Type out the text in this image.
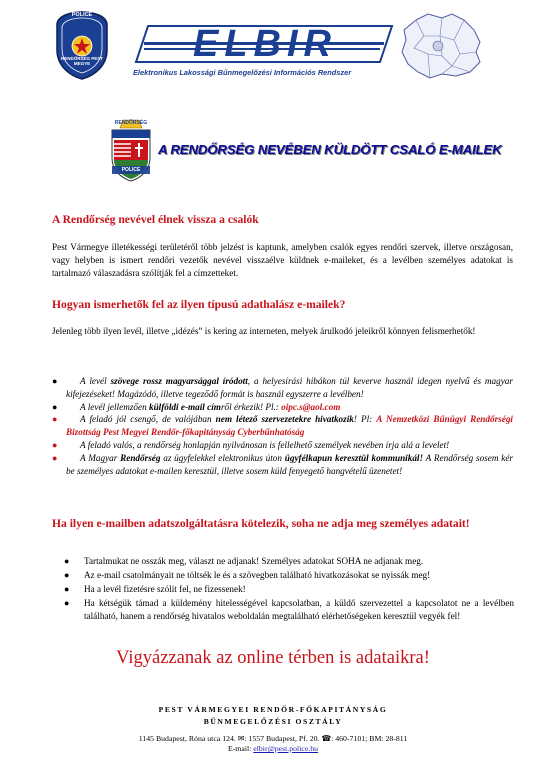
POLICE
RENDŐRSÉG PEST MEGYE	ELBIR
Elektronikus Lakossági Bűnmegelőzési Információs Rendszer
RENDŐRSÉG
POLICE
A RENDŐRSÉG NEVÉBEN KÜLDÖTT CSALÓ E-MAILEK
A Rendőrség nevével élnek vissza a csalók
Pest Vármegye illetékességi területéről több jelzést is kaptunk, amelyben csalók egyes rendőri szervek, illetve országosan, vagy helyben is ismert rendőri vezetők nevével visszaélve küldnek e-maileket, és a levélben személyes adatokat is tartalmazó válaszadásra szólítják fel a címzetteket.
Hogyan ismerhetők fel az ilyen típusú adathalász e-mailek?
Jelenleg több ilyen levél, illetve „idézés” is kering az interneten, melyek árulkodó jeleikről könnyen felismerhetők!
● A levél szövege rossz magyarsággal íródott, a helyesírási hibákon túl keverve használ idegen nyelvű és magyar kifejezéseket! Magázódó, illetve tegeződő formát is használ egyszerre a levélben!
● A levél jellemzően külföldi e-mail címről érkezik! Pl.: oipc.s@aol.com
● A feladó jól csengő, de valójában nem létező szervezetekre hivatkozik! Pl: A Nemzetközi Bűnügyi Rendőrségi Bizottság Pest Megyei Rendőr-főkapitányság Cyberbűnhatóság
● A feladó valós, a rendőrség honlapján nyilvánosan is fellelhető személyek nevében írja alá a levelet!
● A Magyar Rendőrség az ügyfelekkel elektronikus úton ügyfélkapun keresztül kommunikál! A Rendőrség sosem kér be személyes adatokat e-mailen keresztül, illetve sosem küld fenyegető hangvételű üzenetet!
Ha ilyen e-mailben adatszolgáltatásra kötelezik, soha ne adja meg személyes adatait!
● Tartalmukat ne osszák meg, választ ne adjanak! Személyes adatokat SOHA ne adjanak meg.
● Az e-mail csatolmányait ne töltsék le és a szövegben található hivatkozásokat se nyissák meg!
● Ha a levél fizetésre szólít fel, ne fizessenek!
● Ha kétségük támad a küldemény hitelességével kapcsolatban, a küldő szervezettel a kapcsolatot ne a levélben található, hanem a rendőrség hivatalos weboldalán megtalálható elérhetőségeken keresztül vegyék fel!
Vigyázzanak az online térben is adataikra!
PEST VÁRMEGYEI RENDŐR-FŐKAPITÁNYSÁG
BŰNMEGELŐZÉSI OSZTÁLY
1145 Budapest, Róna utca 124. ✉: 1557 Budapest, Pf. 20. ☎: 460-7101; BM: 28-811
E-mail: elbir@pest.police.hu
